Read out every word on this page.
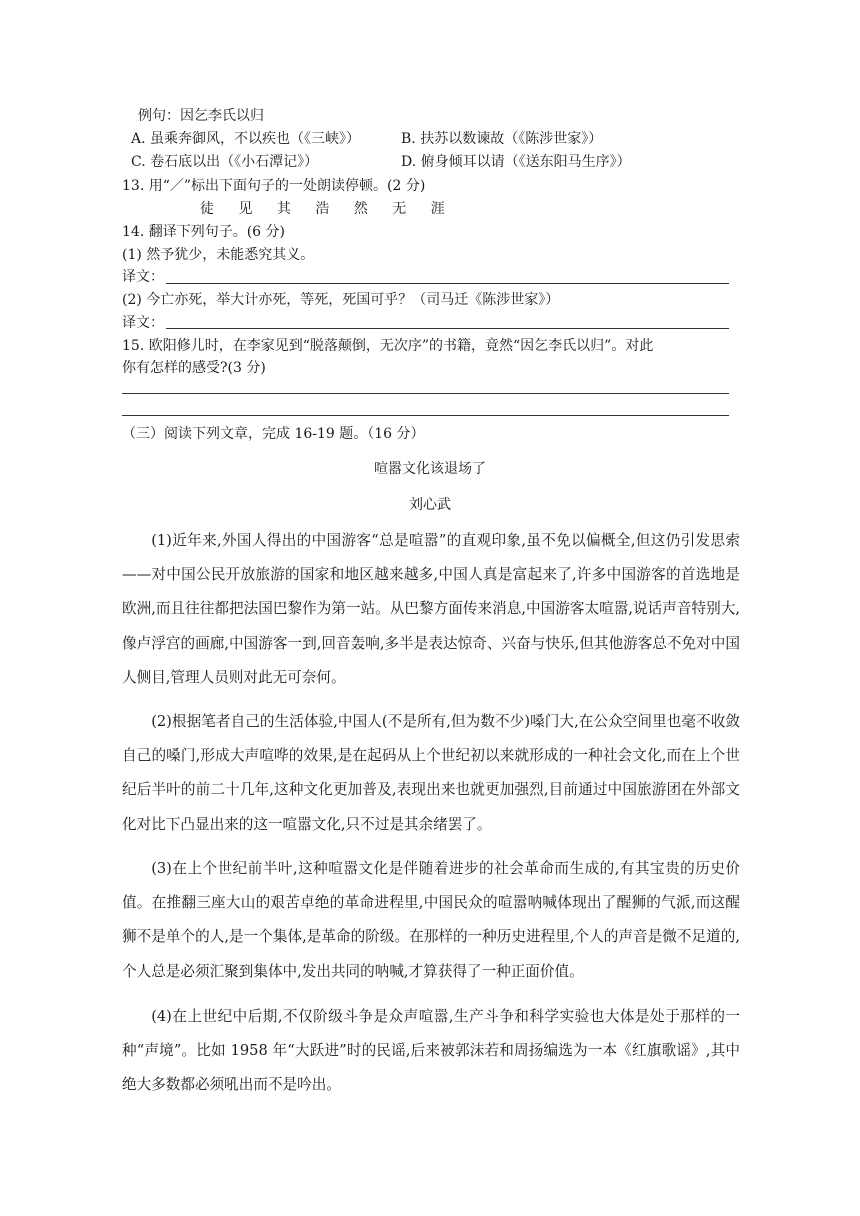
例句：因乞李氏以归
A. 虽乘奔御风，不以疾也（《三峡》）	B. 扶苏以数谏故（《陈涉世家》）
C. 卷石底以出（《小石潭记》）	D. 俯身倾耳以请（《送东阳马生序》）
13. 用“／”标出下面句子的一处朗读停顿。(2 分)
徒 见 其 浩 然 无 涯
14. 翻译下列句子。(6 分)
(1) 然予犹少，未能悉究其义。
译文：
(2) 今亡亦死，举大计亦死，等死，死国可乎？（司马迁《陈涉世家》）
译文：
15. 欧阳修儿时，在李家见到“脱落颠倒，无次序”的书籍，竟然“因乞李氏以归”。对此
你有怎样的感受?(3 分)
（三）阅读下列文章，完成 16-19 题。（16 分）
喧嚣文化该退场了
刘心武
(1)近年来,外国人得出的中国游客“总是喧嚣”的直观印象,虽不免以偏概全,但这仍引发思索——对中国公民开放旅游的国家和地区越来越多,中国人真是富起来了,许多中国游客的首选地是欧洲,而且往往都把法国巴黎作为第一站。从巴黎方面传来消息,中国游客太喧嚣,说话声音特别大,像卢浮宫的画廊,中国游客一到,回音轰响,多半是表达惊奇、兴奋与快乐,但其他游客总不免对中国人侧目,管理人员则对此无可奈何。
(2)根据笔者自己的生活体验,中国人(不是所有,但为数不少)嗓门大,在公众空间里也毫不收敛自己的嗓门,形成大声喧哗的效果,是在起码从上个世纪初以来就形成的一种社会文化,而在上个世纪后半叶的前二十几年,这种文化更加普及,表现出来也就更加强烈,目前通过中国旅游团在外部文化对比下凸显出来的这一喧嚣文化,只不过是其余绪罢了。
(3)在上个世纪前半叶,这种喧嚣文化是伴随着进步的社会革命而生成的,有其宝贵的历史价值。在推翻三座大山的艰苦卓绝的革命进程里,中国民众的喧嚣呐喊体现出了醒狮的气派,而这醒狮不是单个的人,是一个集体,是革命的阶级。在那样的一种历史进程里,个人的声音是微不足道的,个人总是必须汇聚到集体中,发出共同的呐喊,才算获得了一种正面价值。
(4)在上世纪中后期,不仅阶级斗争是众声喧嚣,生产斗争和科学实验也大体是处于那样的一种“声境”。比如 1958 年“大跃进”时的民谣,后来被郭沫若和周扬编选为一本《红旗歌谣》,其中绝大多数都必须吼出而不是吟出。
